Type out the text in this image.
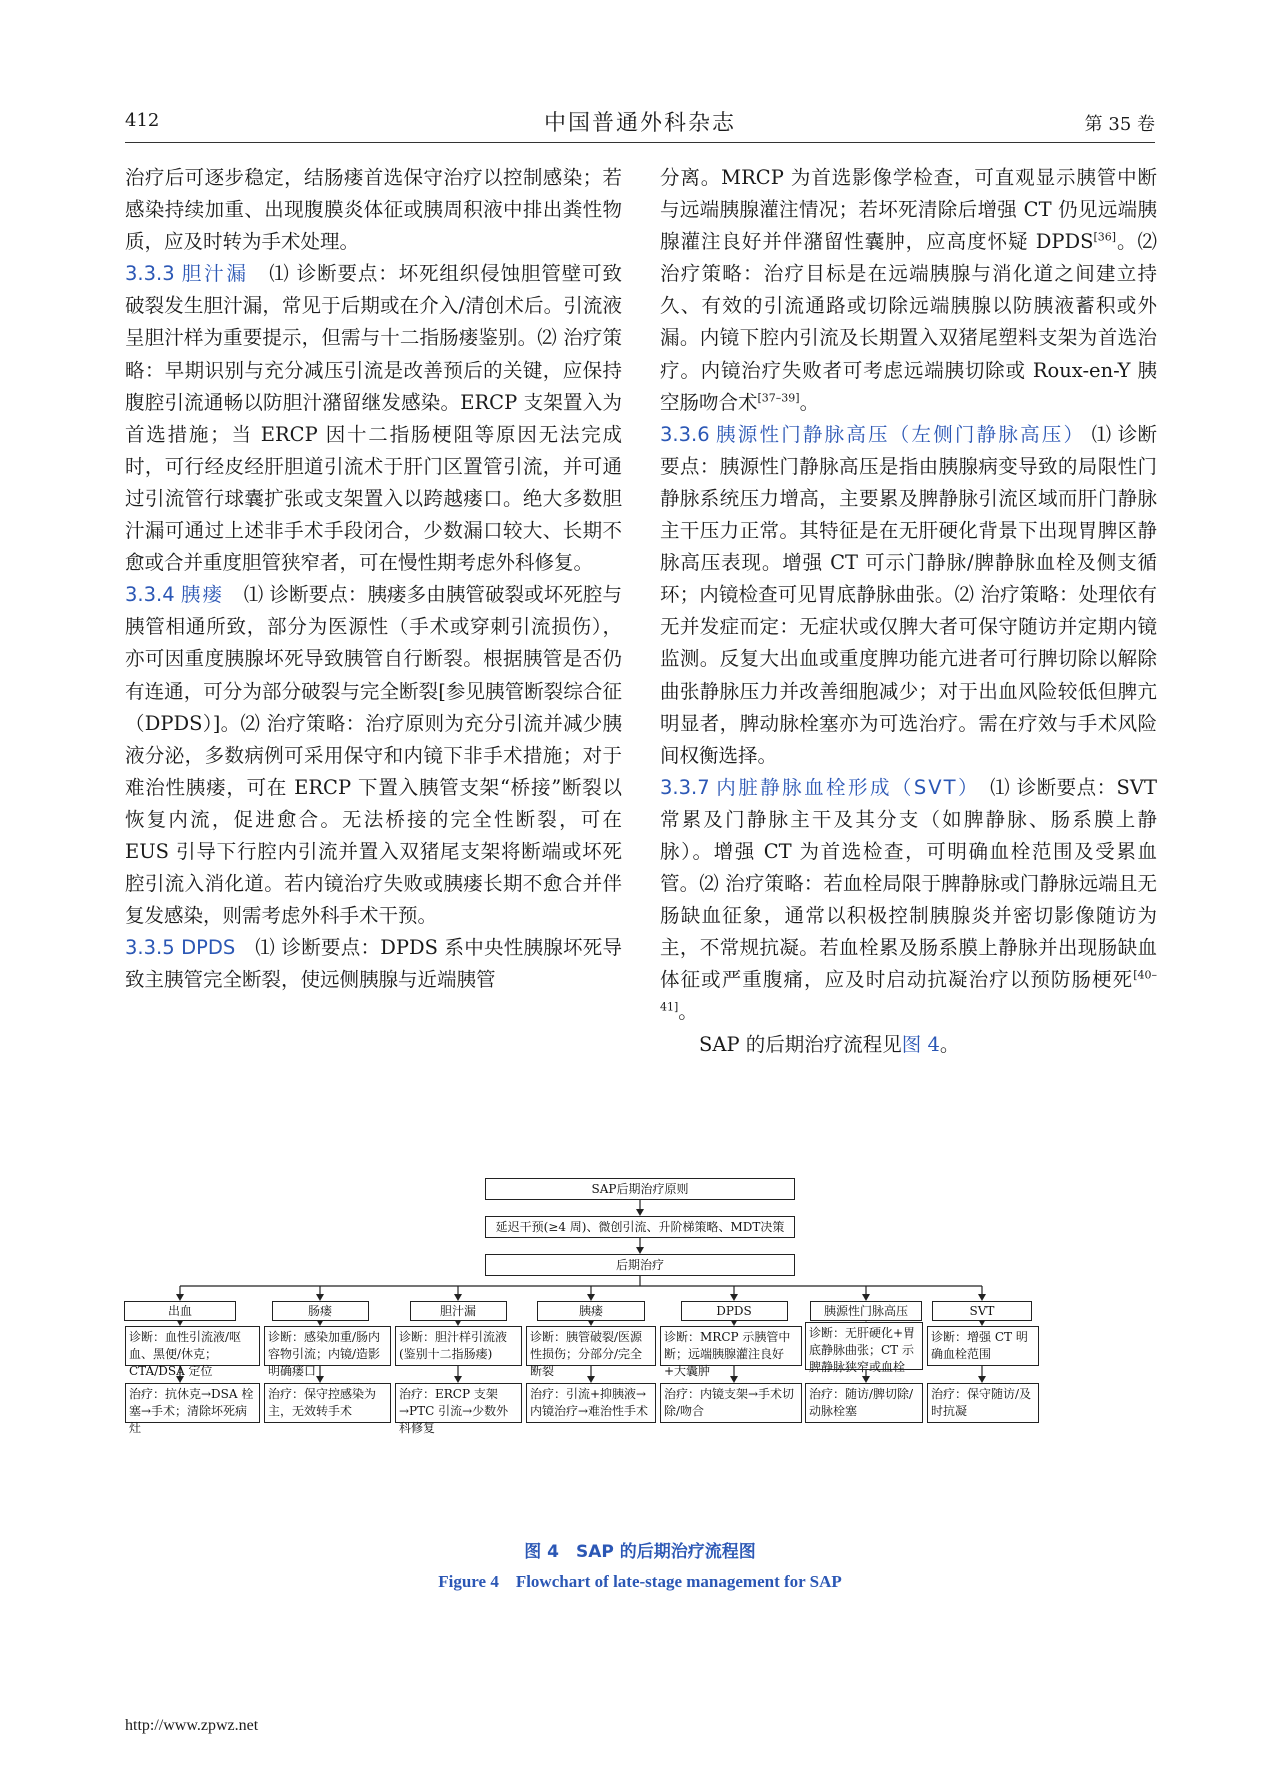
412	中国普通外科杂志	第 35 卷

治疗后可逐步稳定，结肠瘘首选保守治疗以控制感染；若感染持续加重、出现腹膜炎体征或胰周积液中排出粪性物质，应及时转为手术处理。

3.3.3 胆汁漏　 ⑴ 诊断要点：坏死组织侵蚀胆管壁可致破裂发生胆汁漏，常见于后期或在介入/清创术后。引流液呈胆汁样为重要提示，但需与十二指肠瘘鉴别。⑵ 治疗策略：早期识别与充分减压引流是改善预后的关键，应保持腹腔引流通畅以防胆汁潴留继发感染。ERCP 支架置入为首选措施；当 ERCP 因十二指肠梗阻等原因无法完成时，可行经皮经肝胆道引流术于肝门区置管引流，并可通过引流管行球囊扩张或支架置入以跨越瘘口。绝大多数胆汁漏可通过上述非手术手段闭合，少数漏口较大、长期不愈或合并重度胆管狭窄者，可在慢性期考虑外科修复。

3.3.4 胰瘘　 ⑴ 诊断要点：胰瘘多由胰管破裂或坏死腔与胰管相通所致，部分为医源性（手术或穿刺引流损伤），亦可因重度胰腺坏死导致胰管自行断裂。根据胰管是否仍有连通，可分为部分破裂与完全断裂[参见胰管断裂综合征（DPDS）]。⑵ 治疗策略：治疗原则为充分引流并减少胰液分泌，多数病例可采用保守和内镜下非手术措施；对于难治性胰瘘，可在 ERCP 下置入胰管支架“桥接”断裂以恢复内流，促进愈合。无法桥接的完全性断裂，可在 EUS 引导下行腔内引流并置入双猪尾支架将断端或坏死腔引流入消化道。若内镜治疗失败或胰瘘长期不愈合并伴复发感染，则需考虑外科手术干预。

3.3.5 DPDS　 ⑴ 诊断要点：DPDS 系中央性胰腺坏死导致主胰管完全断裂，使远侧胰腺与近端胰管

分离。MRCP 为首选影像学检查，可直观显示胰管中断与远端胰腺灌注情况；若坏死清除后增强 CT 仍见远端胰腺灌注良好并伴潴留性囊肿，应高度怀疑 DPDS[36]。⑵ 治疗策略：治疗目标是在远端胰腺与消化道之间建立持久、有效的引流通路或切除远端胰腺以防胰液蓄积或外漏。内镜下腔内引流及长期置入双猪尾塑料支架为首选治疗。内镜治疗失败者可考虑远端胰切除或 Roux-en-Y 胰空肠吻合术[37–39]。

3.3.6 胰源性门静脉高压（左侧门静脉高压） ⑴ 诊断要点：胰源性门静脉高压是指由胰腺病变导致的局限性门静脉系统压力增高，主要累及脾静脉引流区域而肝门静脉主干压力正常。其特征是在无肝硬化背景下出现胃脾区静脉高压表现。增强 CT 可示门静脉/脾静脉血栓及侧支循环；内镜检查可见胃底静脉曲张。⑵ 治疗策略：处理依有无并发症而定：无症状或仅脾大者可保守随访并定期内镜监测。反复大出血或重度脾功能亢进者可行脾切除以解除曲张静脉压力并改善细胞减少；对于出血风险较低但脾亢明显者，脾动脉栓塞亦为可选治疗。需在疗效与手术风险间权衡选择。

3.3.7 内脏静脉血栓形成（SVT）　 ⑴ 诊断要点：SVT 常累及门静脉主干及其分支（如脾静脉、肠系膜上静脉）。增强 CT 为首选检查，可明确血栓范围及受累血管。⑵ 治疗策略：若血栓局限于脾静脉或门静脉远端且无肠缺血征象，通常以积极控制胰腺炎并密切影像随访为主，不常规抗凝。若血栓累及肠系膜上静脉并出现肠缺血体征或严重腹痛，应及时启动抗凝治疗以预防肠梗死[40–41]。

SAP 的后期治疗流程见图 4。

SAP后期治疗原则
延迟干预(≥4 周)、微创引流、升阶梯策略、MDT决策
后期治疗
出血
诊断：血性引流液/呕血、黑便/休克；CTA/DSA 定位
治疗：抗休克→DSA 栓塞→手术；清除坏死病灶
肠瘘
诊断：感染加重/肠内容物引流；内镜/造影明确瘘口
治疗：保守控感染为主，无效转手术
胆汁漏
诊断：胆汁样引流液(鉴别十二指肠瘘)
治疗：ERCP 支架→PTC 引流→少数外科修复
胰瘘
诊断：胰管破裂/医源性损伤；分部分/完全断裂
治疗：引流+抑胰液→内镜治疗→难治性手术
DPDS
诊断：MRCP 示胰管中断；远端胰腺灌注良好+大囊肿
治疗：内镜支架→手术切除/吻合
胰源性门脉高压
诊断：无肝硬化+胃底静脉曲张；CT 示脾静脉狭窄或血栓
治疗：随访/脾切除/动脉栓塞
SVT
诊断：增强 CT 明确血栓范围
治疗：保守随访/及时抗凝
图 4　SAP 的后期治疗流程图
Figure 4　Flowchart of late-stage management for SAP
http://www.zpwz.net
